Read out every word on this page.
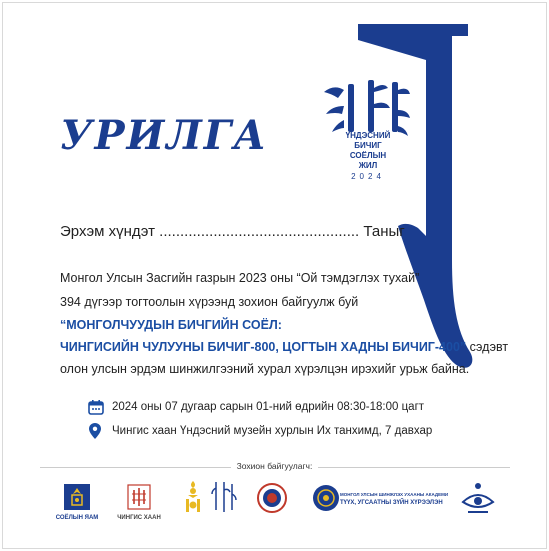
УРИЛГА	ҮНДЭСНИЙ
БИЧИГ
СОЁЛЫН
ЖИЛ
2024
Эрхэм хүндэт ................................................ Таныг
Монгол Улсын Засгийн газрын 2023 оны “Ой тэмдэглэх тухай”
394 дүгээр тогтоолын хүрээнд зохион байгуулж буй
“МОНГОЛЧУУДЫН БИЧГИЙН СОЁЛ:
ЧИНГИСИЙН ЧУЛУУНЫ БИЧИГ-800, ЦОГТЫН ХАДНЫ БИЧИГ-400” сэдэвт
олон улсын эрдэм шинжилгээний хурал хүрэлцэн ирэхийг урьж байна.
2024 оны 07 дугаар сарын 01-ний өдрийн 08:30-18:00 цагт
Чингис хаан Үндэсний музейн хурлын Их танхимд, 7 давхар
Зохион байгуулагч:
СОЁЛЫН ЯАМ	ЧИНГИС ХААН
МОНГОЛ УЛСЫН ШИНЖЛЭХ УХААНЫ АКАДЕМИ
ТҮҮХ, УГСААТНЫ ЗҮЙН ХҮРЭЭЛЭН
